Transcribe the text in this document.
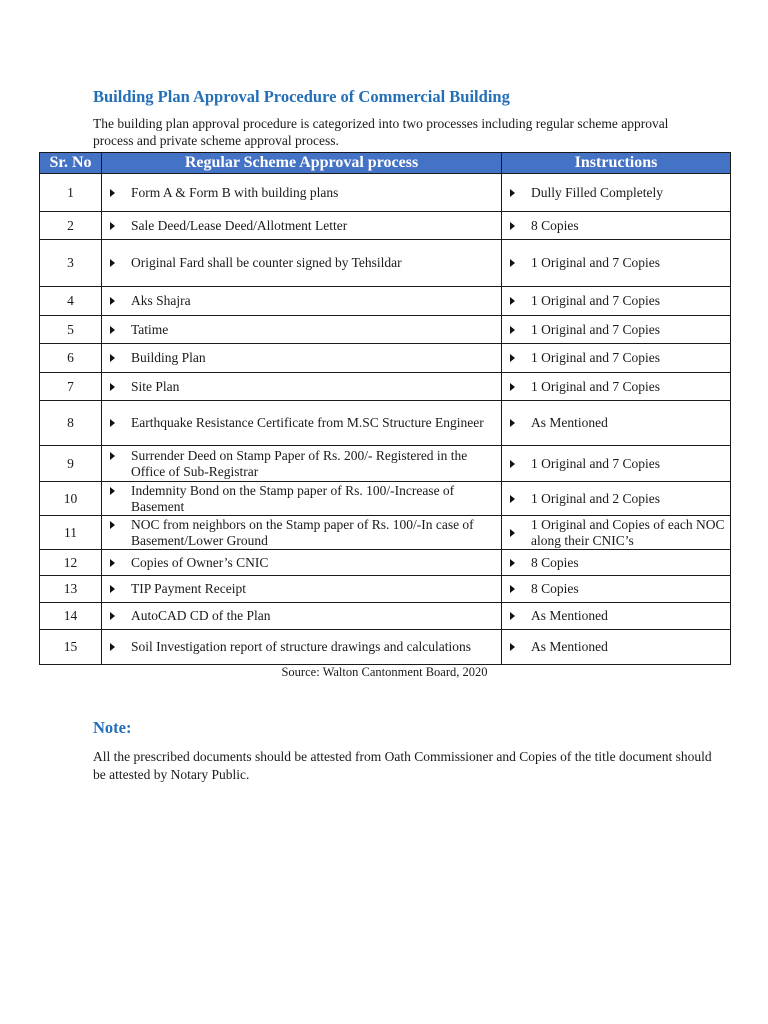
Building Plan Approval Procedure of Commercial Building

The building plan approval procedure is categorized into two processes including regular scheme approval process and private scheme approval process.

Sr. No	Regular Scheme Approval process	Instructions
1	Form A & Form B with building plans	Dully Filled Completely

2	Sale Deed/Lease Deed/Allotment Letter	8 Copies

3	Original Fard shall be counter signed by Tehsildar	1 Original and 7 Copies

4	Aks Shajra	1 Original and 7 Copies

5	Tatime	1 Original and 7 Copies

6	Building Plan	1 Original and 7 Copies

7	Site Plan	1 Original and 7 Copies

8	Earthquake Resistance Certificate from M.SC Structure Engineer	As Mentioned

9	Surrender Deed on Stamp Paper of Rs. 200/- Registered in the Office of Sub-Registrar	1 Original and 7 Copies

10	Indemnity Bond on the Stamp paper of Rs. 100/-Increase of Basement	1 Original and 2 Copies

11	NOC from neighbors on the Stamp paper of Rs. 100/-In case of Basement/Lower Ground	1 Original and Copies of each NOC along their CNIC’s

12	Copies of Owner’s CNIC	8 Copies

13	TIP Payment Receipt	8 Copies

14	AutoCAD CD of the Plan	As Mentioned

15	Soil Investigation report of structure drawings and calculations	As Mentioned

Source: Walton Cantonment Board, 2020

Note:

All the prescribed documents should be attested from Oath Commissioner and Copies of the title document should be attested by Notary Public.
